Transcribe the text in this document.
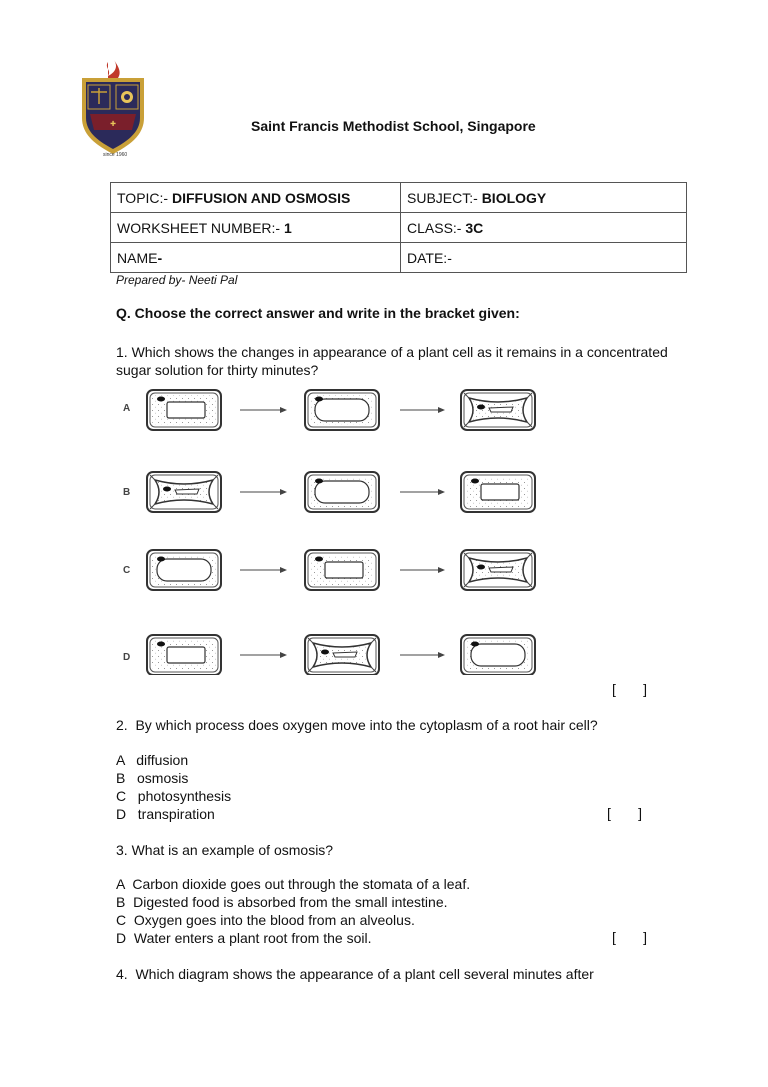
✚
since 1960
Saint Francis Methodist School, Singapore
TOPIC:- DIFFUSION AND OSMOSIS	SUBJECT:- BIOLOGY
WORKSHEET NUMBER:- 1	CLASS:- 3C
NAME-	DATE:-
Prepared by- Neeti Pal
Q. Choose the correct answer and write in the bracket given:
1. Which shows the changes in appearance of a plant cell as it remains in a concentrated sugar solution for thirty minutes?
A
B
C
D
[       ]
2.  By which process does oxygen move into the cytoplasm of a root hair cell?
A   diffusion
B   osmosis
C   photosynthesis
D   transpiration	[       ]
3. What is an example of osmosis?
A  Carbon dioxide goes out through the stomata of a leaf.
B  Digested food is absorbed from the small intestine.
C  Oxygen goes into the blood from an alveolus.
D  Water enters a plant root from the soil.	[       ]
4.  Which diagram shows the appearance of a plant cell several minutes after
